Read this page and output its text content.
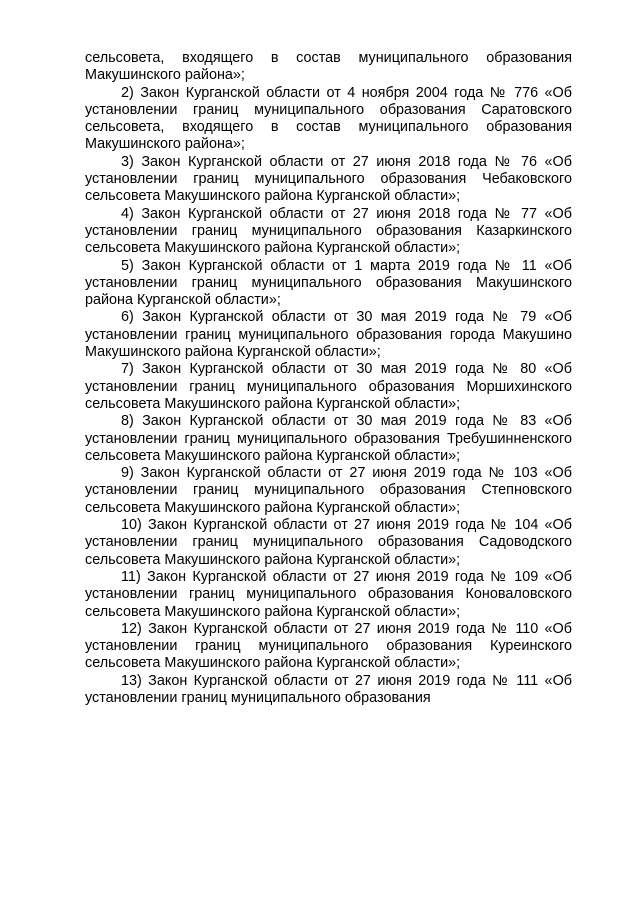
сельсовета, входящего в состав муниципального образования Макушинского района»;

2) Закон Курганской области от 4 ноября 2004 года № 776 «Об установлении границ муниципального образования Саратовского сельсовета, входящего в состав муниципального образования Макушинского района»;

3) Закон Курганской области от 27 июня 2018 года № 76 «Об установлении границ муниципального образования Чебаковского сельсовета Макушинского района Курганской области»;

4) Закон Курганской области от 27 июня 2018 года № 77 «Об установлении границ муниципального образования Казаркинского сельсовета Макушинского района Курганской области»;

5) Закон Курганской области от 1 марта 2019 года № 11 «Об установлении границ муниципального образования Макушинского района Курганской области»;

6) Закон Курганской области от 30 мая 2019 года № 79 «Об установлении границ муниципального образования города Макушино Макушинского района Курганской области»;

7) Закон Курганской области от 30 мая 2019 года № 80 «Об установлении границ муниципального образования Моршихинского сельсовета Макушинского района Курганской области»;

8) Закон Курганской области от 30 мая 2019 года № 83 «Об установлении границ муниципального образования Требушинненского сельсовета Макушинского района Курганской области»;

9) Закон Курганской области от 27 июня 2019 года № 103 «Об установлении границ муниципального образования Степновского сельсовета Макушинского района Курганской области»;

10) Закон Курганской области от 27 июня 2019 года № 104 «Об установлении границ муниципального образования Садоводского сельсовета Макушинского района Курганской области»;

11) Закон Курганской области от 27 июня 2019 года № 109 «Об установлении границ муниципального образования Коноваловского сельсовета Макушинского района Курганской области»;

12) Закон Курганской области от 27 июня 2019 года № 110 «Об установлении границ муниципального образования Куреинского сельсовета Макушинского района Курганской области»;

13) Закон Курганской области от 27 июня 2019 года № 111 «Об установлении границ муниципального образования
